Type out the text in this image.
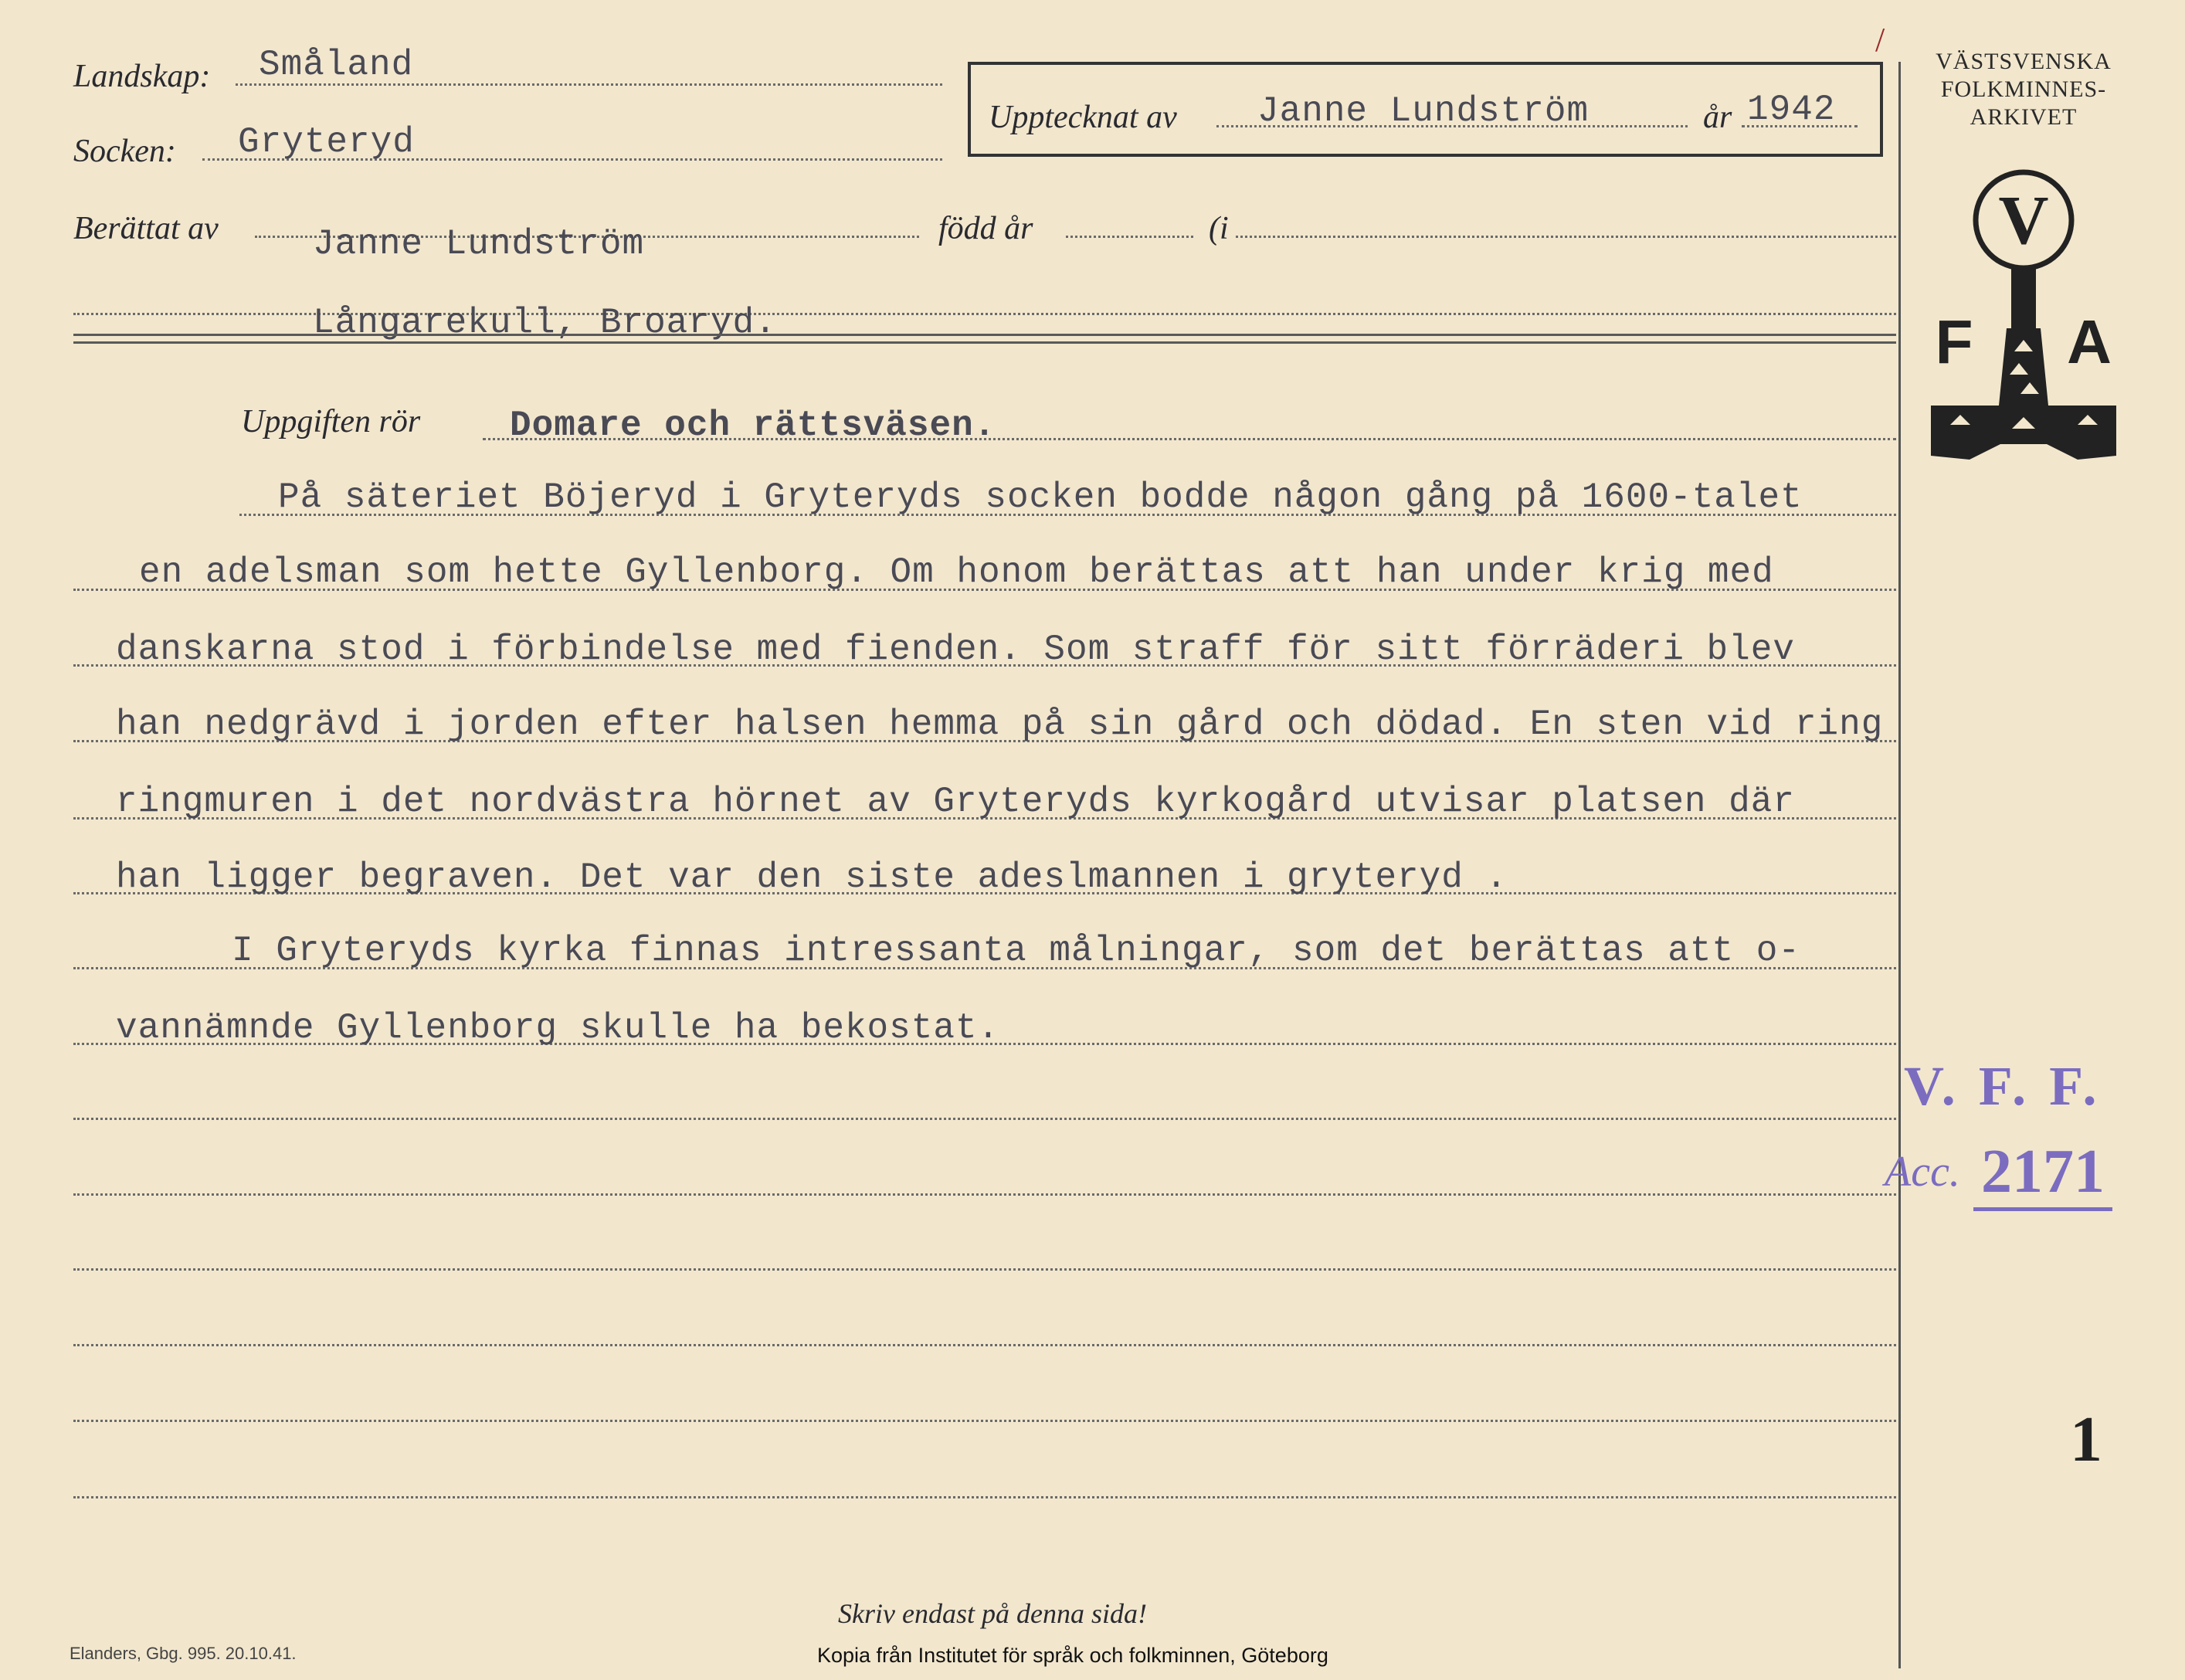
Landskap: Småland
Socken: Gryteryd
Upptecknat av Janne Lundström	år 1942
/
VÄSTSVENSKA
FOLKMINNES-
ARKIVET
V
F A
Berättat av	Janne Lundström	född år	(i
Långarekull, Broaryd.
Uppgiften rör	Domare och rättsväsen.
På säteriet Böjeryd i Gryteryds socken bodde någon gång på 1600-talet
en adelsman som hette Gyllenborg. Om honom berättas att han under krig med
danskarna stod i förbindelse med fienden. Som straff för sitt förräderi blev
han nedgrävd i jorden efter halsen hemma på sin gård och dödad. En sten vid ring
ringmuren i det nordvästra hörnet av Gryteryds kyrkogård utvisar platsen där
han ligger begraven. Det var den siste adeslmannen i gryteryd .
I Gryteryds kyrka finnas intressanta målningar, som det berättas att o-
vannämnde Gyllenborg skulle ha bekostat.
V. F. F.
Acc. 2171
1
Skriv endast på denna sida!
Elanders, Gbg. 995. 20.10.41.	Kopia från Institutet för språk och folkminnen, Göteborg
